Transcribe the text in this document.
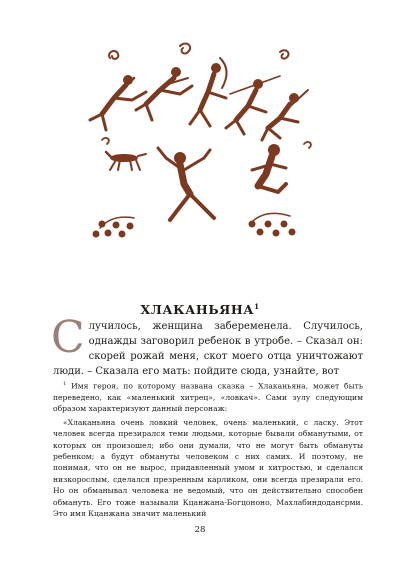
ХЛАКАНЬЯНА$^1$
С лучилось, женщина забеременела. Случилось, однажды заговорил ребенок в утробе. – Сказал он: скорей рожай меня, скот моего отца уничтожают люди. – Сказала его мать: пойдите сюда, узнайте, вот

$^1$ Имя героя, по которому названа сказка – Хлаканьяна, может быть переведено, как «маленький хитрец», «ловкач». Сами зулу следующим образом характеризуют данный персонаж:

«Хлаканьяна очень ловкий человек, очень маленький, с ласку. Этот человек всегда презирался теми людьми, которые бывали обманутыми, от которых он произошел; ибо они думали, что не могут быть обмануты ребенком; а будут обмануты человеком с них самих. И поэтому, не понимая, что он не вырос, придавленный умом и хитростью, и сделался низкорослым, сделался презренным карликом, они всегда презирали его. Но он обманывал человека не ведомый, что он действительно способен обмануть. Его тоже называли Кцанжана-Богцононо, Махлабиндодансрми. Это имя Кцанжана значит маленький

28
